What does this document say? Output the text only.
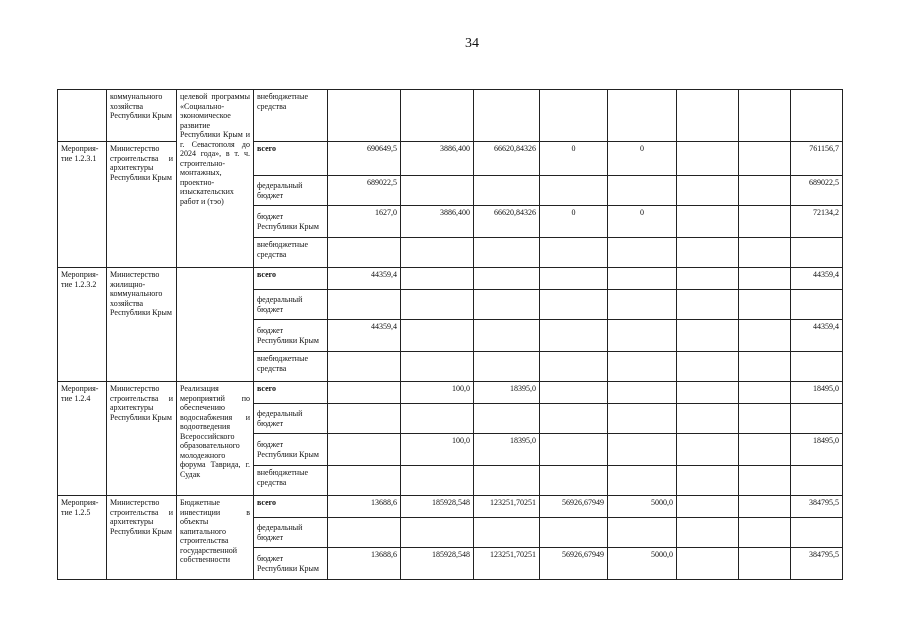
34
	коммунального хозяйства Республики Крым	целевой программы «Социально-экономическое развитие Республики Крым и г. Севастополя до 2024 года», в т. ч. строительно-монтажных, проектно-изыскательских работ и (тэо)	внебюджетные средства								
Мероприя-тие 1.2.3.1	Министерство строительства и архитектуры Республики Крым		всего	690649,5	3886,400	66620,84326	0	0			761156,7
			федеральный бюджет	689022,5							689022,5
			бюджет Республики Крым	1627,0	3886,400	66620,84326	0	0			72134,2
			внебюджетные средства								
Мероприя-тие 1.2.3.2	Министерство жилищно-коммунального хозяйства Республики Крым		всего	44359,4							44359,4
			федеральный бюджет								
			бюджет Республики Крым	44359,4							44359,4
			внебюджетные средства								
Мероприя-тие 1.2.4	Министерство строительства и архитектуры Республики Крым	Реализация мероприятий по обеспечению водоснабжения и водоотведения Всероссийского образовательного молодежного форума Таврида, г. Судак	всего		100,0	18395,0					18495,0
			федеральный бюджет								
			бюджет Республики Крым		100,0	18395,0					18495,0
			внебюджетные средства								
Мероприя-тие 1.2.5	Министерство строительства и архитектуры Республики Крым	Бюджетные инвестиции в объекты капитального строительства государственной собственности	всего	13688,6	185928,548	123251,70251	56926,67949	5000,0			384795,5
			федеральный бюджет								
			бюджет Республики Крым	13688,6	185928,548	123251,70251	56926,67949	5000,0			384795,5
